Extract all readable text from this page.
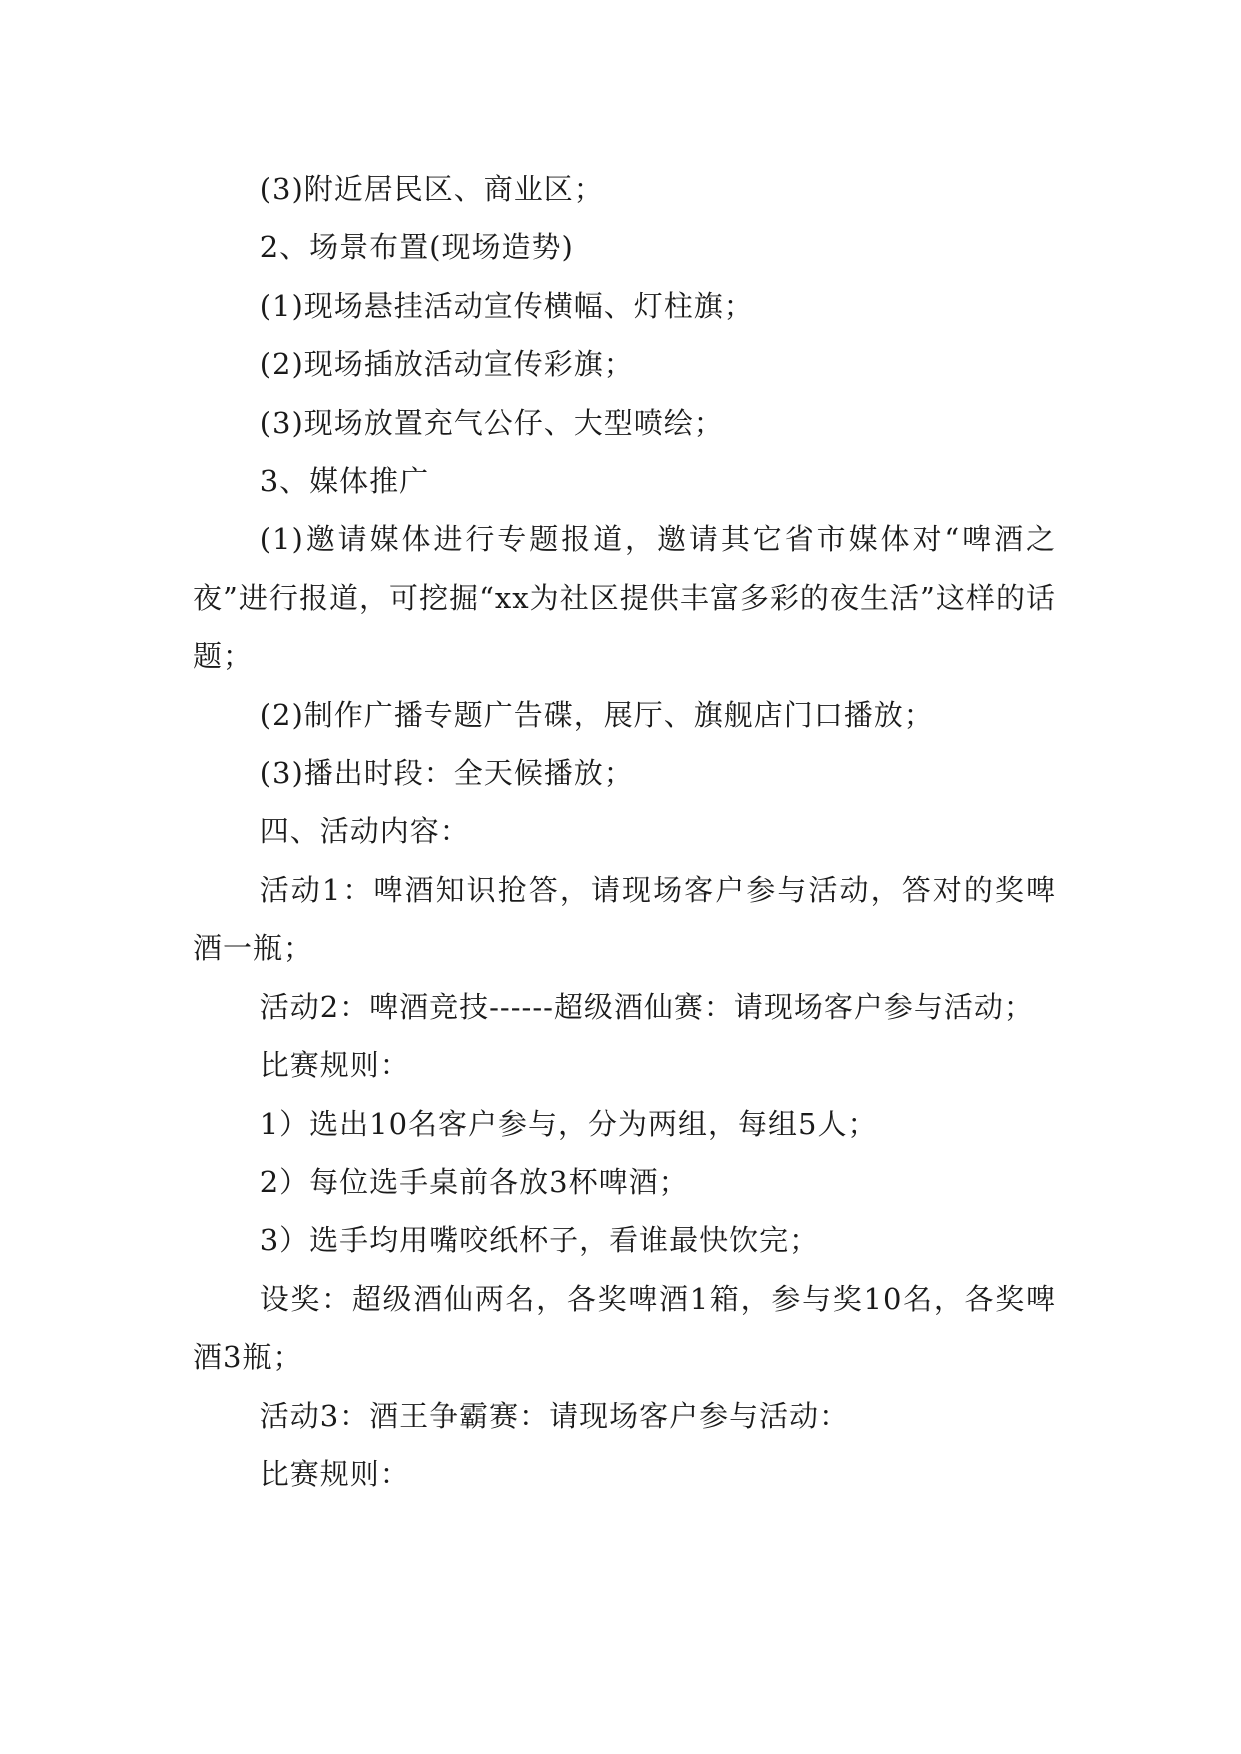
(3)附近居民区、商业区；

2、场景布置(现场造势)

(1)现场悬挂活动宣传横幅、灯柱旗；

(2)现场插放活动宣传彩旗；

(3)现场放置充气公仔、大型喷绘；

3、媒体推广

(1)邀请媒体进行专题报道，邀请其它省市媒体对“啤酒之夜”进行报道，可挖掘“xx为社区提供丰富多彩的夜生活”这样的话题；

(2)制作广播专题广告碟，展厅、旗舰店门口播放；

(3)播出时段：全天候播放；

四、活动内容：

活动1：啤酒知识抢答，请现场客户参与活动，答对的奖啤酒一瓶；

活动2：啤酒竞技------超级酒仙赛：请现场客户参与活动；

比赛规则：

1）选出10名客户参与，分为两组，每组5人；

2）每位选手桌前各放3杯啤酒；

3）选手均用嘴咬纸杯子，看谁最快饮完；

设奖：超级酒仙两名，各奖啤酒1箱，参与奖10名，各奖啤酒3瓶；

活动3：酒王争霸赛：请现场客户参与活动：

比赛规则：
